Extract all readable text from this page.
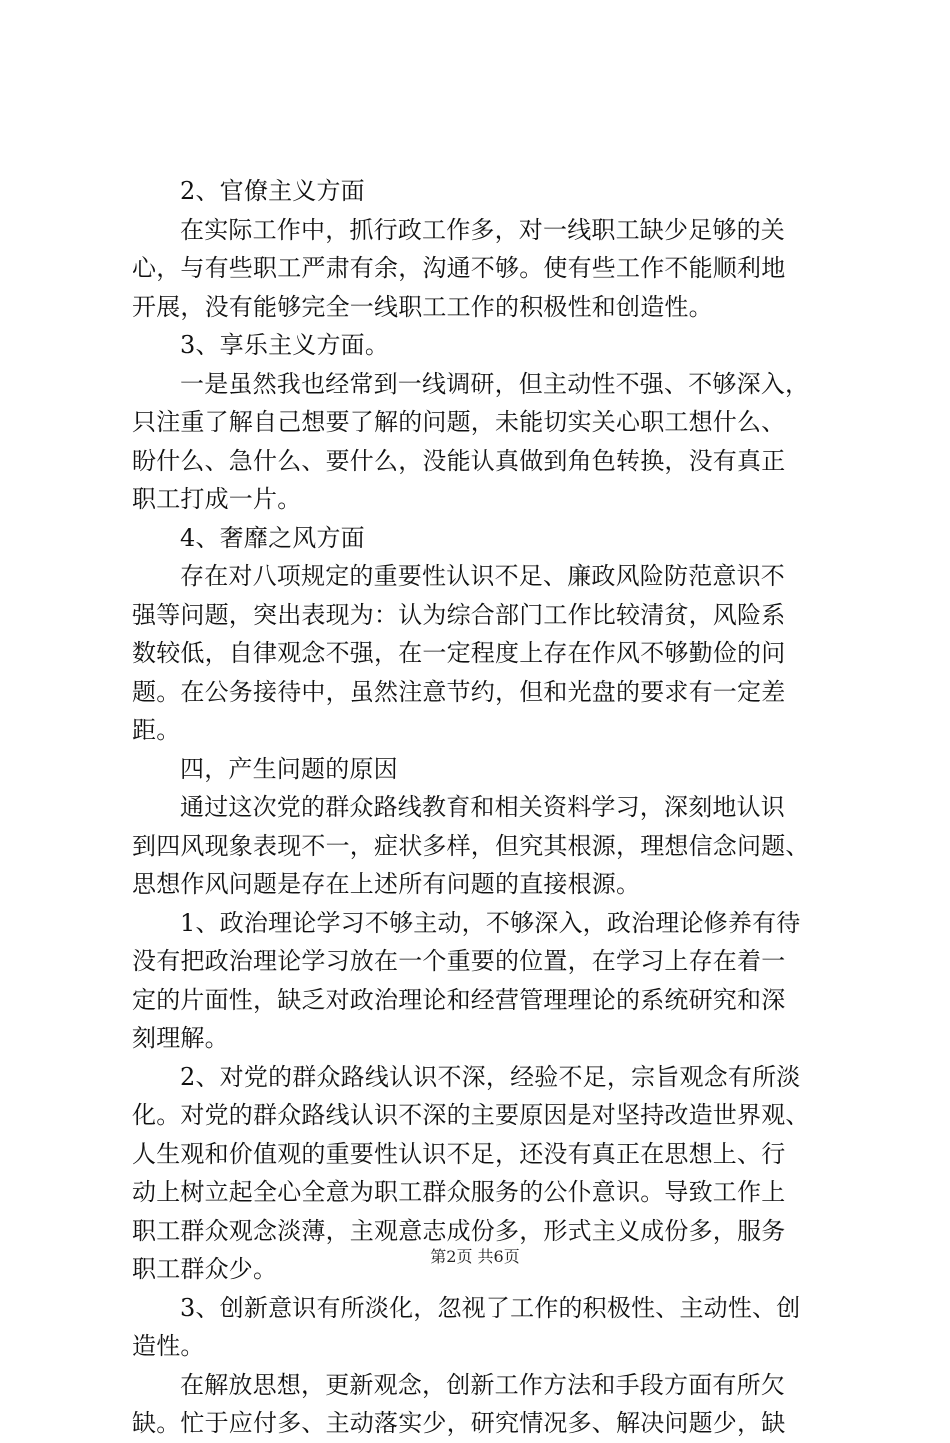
2、官僚主义方面
在实际工作中，抓行政工作多，对一线职工缺少足够的关
心，与有些职工严肃有余，沟通不够。使有些工作不能顺利地
开展，没有能够完全一线职工工作的积极性和创造性。
3、享乐主义方面。
一是虽然我也经常到一线调研，但主动性不强、不够深入，
只注重了解自己想要了解的问题，未能切实关心职工想什么、
盼什么、急什么、要什么，没能认真做到角色转换，没有真正
职工打成一片。
4、奢靡之风方面
存在对八项规定的重要性认识不足、廉政风险防范意识不
强等问题，突出表现为：认为综合部门工作比较清贫，风险系
数较低，自律观念不强，在一定程度上存在作风不够勤俭的问
题。在公务接待中，虽然注意节约，但和光盘的要求有一定差
距。
四，产生问题的原因
通过这次党的群众路线教育和相关资料学习，深刻地认识
到四风现象表现不一，症状多样，但究其根源，理想信念问题、
思想作风问题是存在上述所有问题的直接根源。
1、政治理论学习不够主动，不够深入，政治理论修养有待
没有把政治理论学习放在一个重要的位置，在学习上存在着一
定的片面性，缺乏对政治理论和经营管理理论的系统研究和深
刻理解。
2、对党的群众路线认识不深，经验不足，宗旨观念有所淡
化。对党的群众路线认识不深的主要原因是对坚持改造世界观、
人生观和价值观的重要性认识不足，还没有真正在思想上、行
动上树立起全心全意为职工群众服务的公仆意识。导致工作上
职工群众观念淡薄，主观意志成份多，形式主义成份多，服务
职工群众少。
3、创新意识有所淡化，忽视了工作的积极性、主动性、创
造性。
在解放思想，更新观念，创新工作方法和手段方面有所欠
缺。忙于应付多、主动落实少，研究情况多、解决问题少，缺
第2页 共6页
